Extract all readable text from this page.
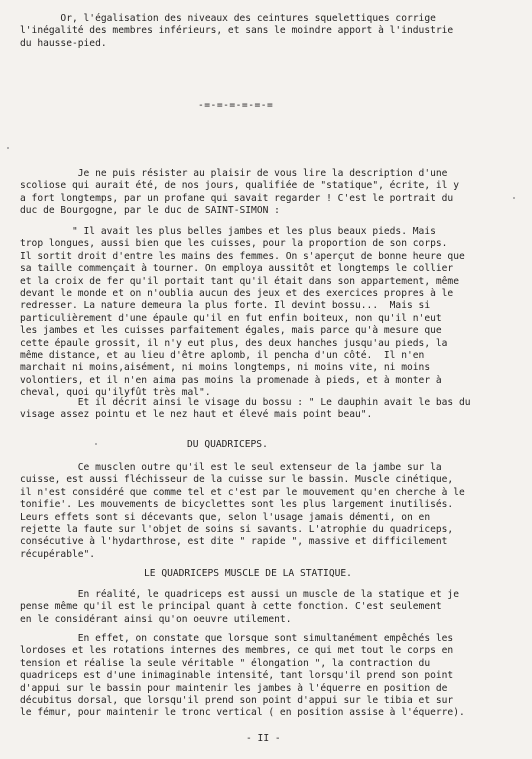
Or, l'égalisation des niveaux des ceintures squelettiques corrige
l'inégalité des membres inférieurs, et sans le moindre apport à l'industrie
du hausse-pied.
-=-=-=-=-=-=
Je ne puis résister au plaisir de vous lire la description d'une
scoliose qui aurait été, de nos jours, qualifiée de "statique", écrite, il y
a fort longtemps, par un profane qui savait regarder ! C'est le portrait du
duc de Bourgogne, par le duc de SAINT-SIMON :
" Il avait les plus belles jambes et les plus beaux pieds. Mais
trop longues, aussi bien que les cuisses, pour la proportion de son corps.
Il sortit droit d'entre les mains des femmes. On s'aperçut de bonne heure que
sa taille commençait à tourner. On employa aussitôt et longtemps le collier
et la croix de fer qu'il portait tant qu'il était dans son appartement, même
devant le monde et on n'oublia aucun des jeux et des exercices propres à le
redresser. La nature demeura la plus forte. Il devint bossu...  Mais si
particulièrement d'une épaule qu'il en fut enfin boiteux, non qu'il n'eut
les jambes et les cuisses parfaitement égales, mais parce qu'à mesure que
cette épaule grossit, il n'y eut plus, des deux hanches jusqu'au pieds, la
même distance, et au lieu d'être aplomb, il pencha d'un côté.  Il n'en
marchait ni moins,aisément, ni moins longtemps, ni moins vite, ni moins
volontiers, et il n'en aima pas moins la promenade à pieds, et à monter à
cheval, quoi qu'ilyfût très mal".
Et il décrit ainsi le visage du bossu : " Le dauphin avait le bas du
visage assez pointu et le nez haut et élevé mais point beau".
DU QUADRICEPS.
Ce musclen outre qu'il est le seul extenseur de la jambe sur la
cuisse, est aussi fléchisseur de la cuisse sur le bassin. Muscle cinétique,
il n'est considéré que comme tel et c'est par le mouvement qu'en cherche à le
tonifie'. Les mouvements de bicyclettes sont les plus largement inutilisés.
Leurs effets sont si décevants que, selon l'usage jamais démenti, on en
rejette la faute sur l'objet de soins si savants. L'atrophie du quadriceps,
consécutive à l'hydarthrose, est dite " rapide ", massive et difficilement
récupérable".
LE QUADRICEPS MUSCLE DE LA STATIQUE.
En réalité, le quadriceps est aussi un muscle de la statique et je
pense même qu'il est le principal quant à cette fonction. C'est seulement
en le considérant ainsi qu'on oeuvre utilement.
En effet, on constate que lorsque sont simultanément empêchés les
lordoses et les rotations internes des membres, ce qui met tout le corps en
tension et réalise la seule véritable " élongation ", la contraction du
quadriceps est d'une inimaginable intensité, tant lorsqu'il prend son point
d'appui sur le bassin pour maintenir les jambes à l'équerre en position de
décubitus dorsal, que lorsqu'il prend son point d'appui sur le tibia et sur
le fémur, pour maintenir le tronc vertical ( en position assise à l'équerre).
- II -
